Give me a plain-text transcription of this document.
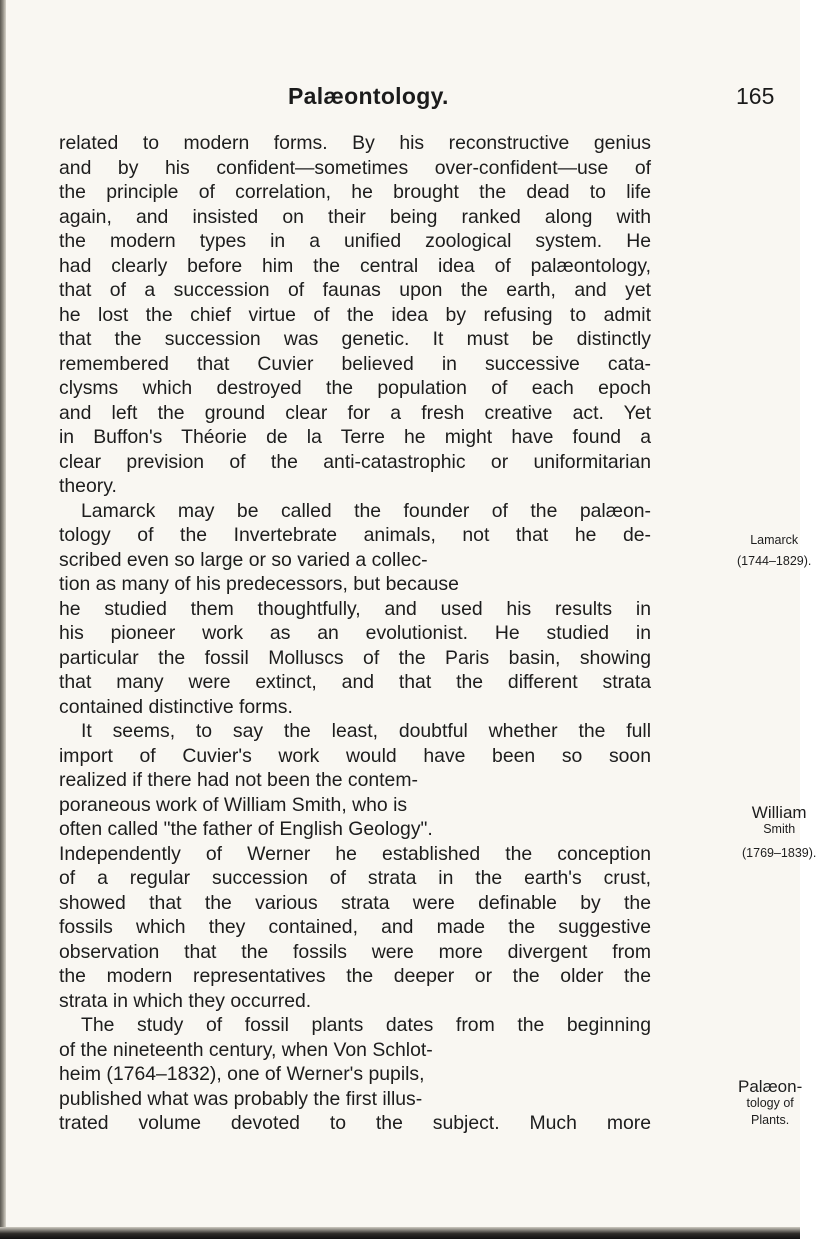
Palæontology.	165
related to modern forms. By his reconstructive genius
and by his confident—sometimes over-confident—use of
the principle of correlation, he brought the dead to life
again, and insisted on their being ranked along with
the modern types in a unified zoological system. He
had clearly before him the central idea of palæontology,
that of a succession of faunas upon the earth, and yet
he lost the chief virtue of the idea by refusing to admit
that the succession was genetic. It must be distinctly
remembered that Cuvier believed in successive cata-
clysms which destroyed the population of each epoch
and left the ground clear for a fresh creative act. Yet
in Buffon's Théorie de la Terre he might have found a
clear prevision of the anti-catastrophic or uniformitarian
theory.
Lamarck may be called the founder of the palæon-
tology of the Invertebrate animals, not that he de-
scribed even so large or so varied a collec-
tion as many of his predecessors, but because
he studied them thoughtfully, and used his results in
his pioneer work as an evolutionist. He studied in
particular the fossil Molluscs of the Paris basin, showing
that many were extinct, and that the different strata
contained distinctive forms.
It seems, to say the least, doubtful whether the full
import of Cuvier's work would have been so soon
realized if there had not been the contem-
poraneous work of William Smith, who is
often called "the father of English Geology".
Independently of Werner he established the conception
of a regular succession of strata in the earth's crust,
showed that the various strata were definable by the
fossils which they contained, and made the suggestive
observation that the fossils were more divergent from
the modern representatives the deeper or the older the
strata in which they occurred.
The study of fossil plants dates from the beginning
of the nineteenth century, when Von Schlot-
heim (1764–1832), one of Werner's pupils,
published what was probably the first illus-
trated volume devoted to the subject. Much more
Lamarck
(1744–1829).
William
Smith
(1769–1839).
Palæon-
tology of
Plants.
